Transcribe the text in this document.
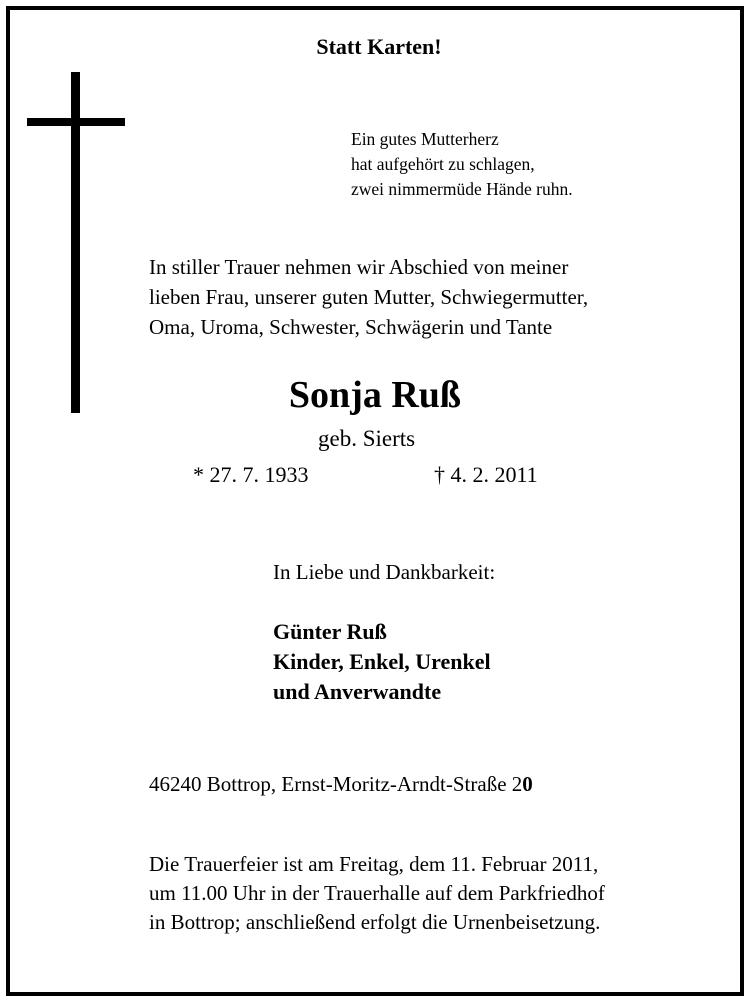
Statt Karten!
Ein gutes Mutterherz
hat aufgehört zu schlagen,
zwei nimmermüde Hände ruhn.
In stiller Trauer nehmen wir Abschied von meiner
lieben Frau, unserer guten Mutter, Schwiegermutter,
Oma, Uroma, Schwester, Schwägerin und Tante
Sonja Ruß
geb. Sierts
* 27. 7. 1933	† 4. 2. 2011
In Liebe und Dankbarkeit:
Günter Ruß
Kinder, Enkel, Urenkel
und Anverwandte
46240 Bottrop, Ernst-Moritz-Arndt-Straße 20
Die Trauerfeier ist am Freitag, dem 11. Februar 2011,
um 11.00 Uhr in der Trauerhalle auf dem Parkfriedhof
in Bottrop; anschließend erfolgt die Urnenbeisetzung.
